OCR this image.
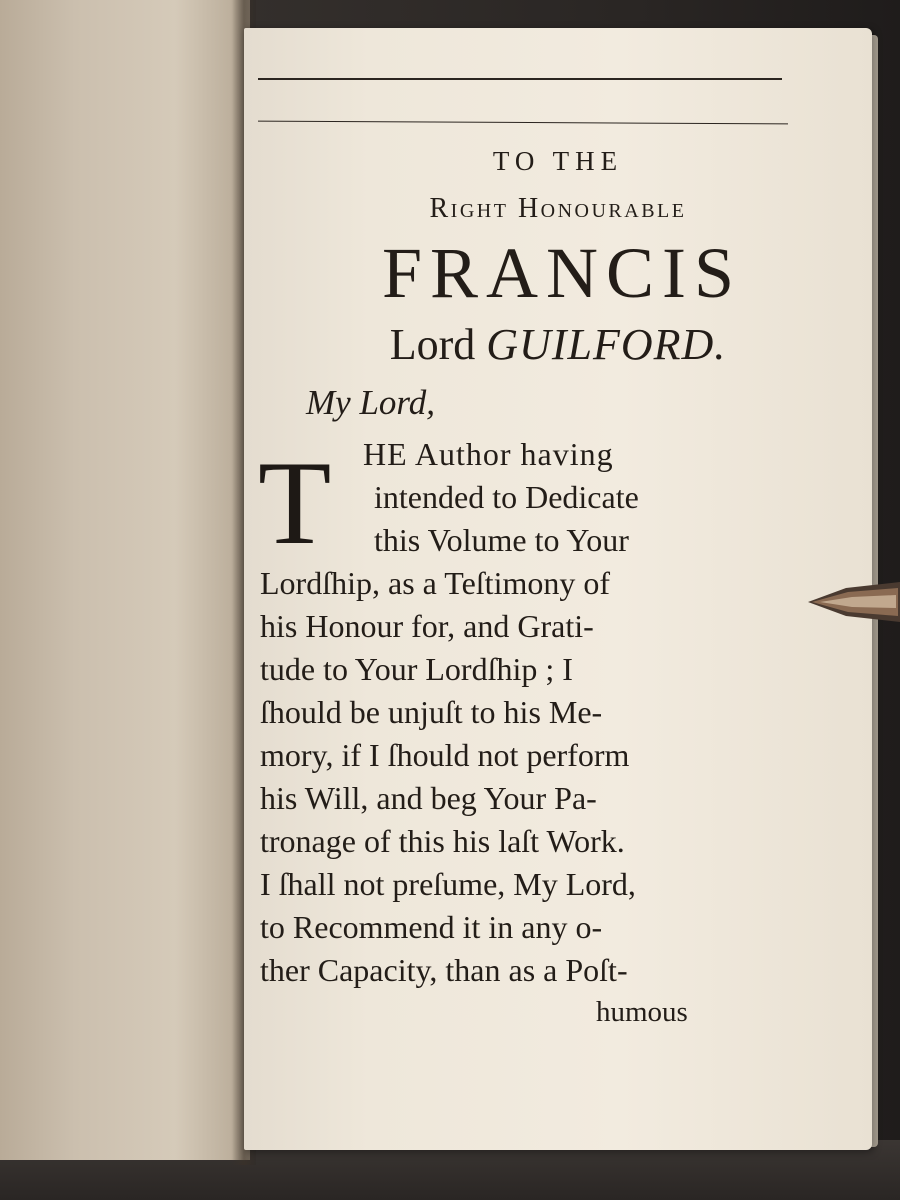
TO THE
Right Honourable
FRANCIS
Lord GUILFORD.
My Lord,
T HE Author having
intended to Dedicate
this Volume to Your
Lordſhip, as a Teſtimony of
his Honour for, and Grati-
tude to Your Lordſhip ; I
ſhould be unjuſt to his Me-
mory, if I ſhould not perform
his Will, and beg Your Pa-
tronage of this his laſt Work.
I ſhall not preſume, My Lord,
to Recommend it in any o-
ther Capacity, than as a Poſt-
humous
